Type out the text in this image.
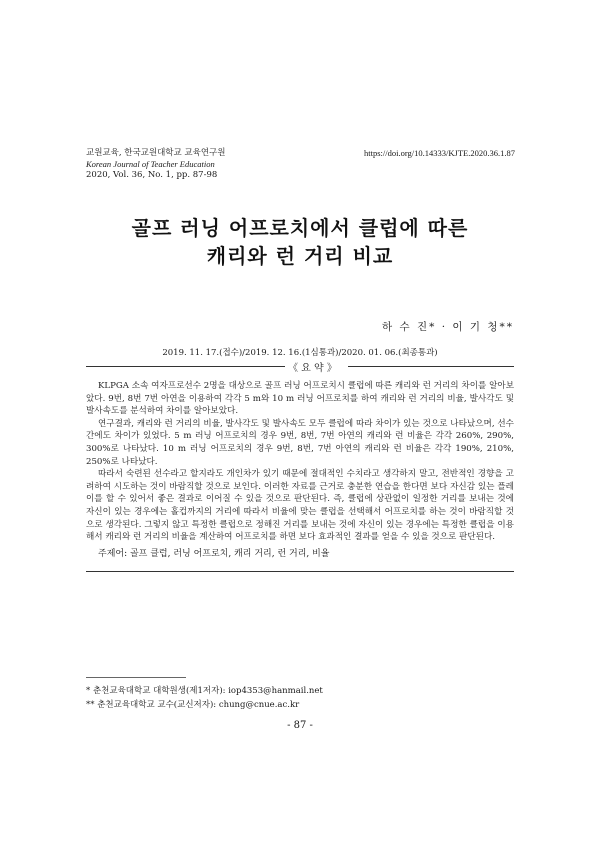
교원교육, 한국교원대학교 교육연구원
Korean Journal of Teacher Education
2020, Vol. 36, No. 1, pp. 87-98
https://doi.org/10.14333/KJTE.2020.36.1.87
골프 러닝 어프로치에서 클럽에 따른
캐리와 런 거리 비교
하 수 진* · 이 기 청**
2019. 11. 17.(접수)/2019. 12. 16.(1심통과)/2020. 01. 06.(최종통과)
《 요 약 》

KLPGA 소속 여자프로선수 2명을 대상으로 골프 러닝 어프로치시 클럽에 따른 캐리와 런 거리의 차이를 알아보았다. 9번, 8번 7번 아연을 이용하여 각각 5 m와 10 m 러닝 어프로치를 하여 캐리와 런 거리의 비율, 발사각도 및 발사속도를 분석하여 차이를 알아보았다.

연구결과, 캐리와 런 거리의 비율, 발사각도 및 발사속도 모두 클럽에 따라 차이가 있는 것으로 나타났으며, 선수 간에도 차이가 있었다. 5 m 러닝 어프로치의 경우 9번, 8번, 7번 아연의 캐리와 런 비율은 각각 260%, 290%, 300%로 나타났다. 10 m 러닝 어프로치의 경우 9번, 8번, 7번 아연의 캐리와 런 비율은 각각 190%, 210%, 250%로 나타났다.

따라서 숙련된 선수라고 할지라도 개인차가 있기 때문에 절대적인 수치라고 생각하지 말고, 전반적인 경향을 고려하여 시도하는 것이 바람직할 것으로 보인다. 이러한 자료를 근거로 충분한 연습을 한다면 보다 자신감 있는 플레이를 할 수 있어서 좋은 결과로 이어질 수 있을 것으로 판단된다. 즉, 클럽에 상관없이 일정한 거리를 보내는 것에 자신이 있는 경우에는 홀컵까지의 거리에 따라서 비율에 맞는 클럽을 선택해서 어프로치를 하는 것이 바람직할 것으로 생각된다. 그렇지 않고 특정한 클럽으로 정해진 거리를 보내는 것에 자신이 있는 경우에는 특정한 클럽을 이용해서 캐리와 런 거리의 비율을 계산하여 어프로치를 하면 보다 효과적인 결과를 얻을 수 있을 것으로 판단된다.

주제어: 골프 클럽, 러닝 어프로치, 캐리 거리, 런 거리, 비율
* 춘천교육대학교 대학원생(제1저자): iop4353@hanmail.net
** 춘천교육대학교 교수(교신저자): chung@cnue.ac.kr
- 87 -
